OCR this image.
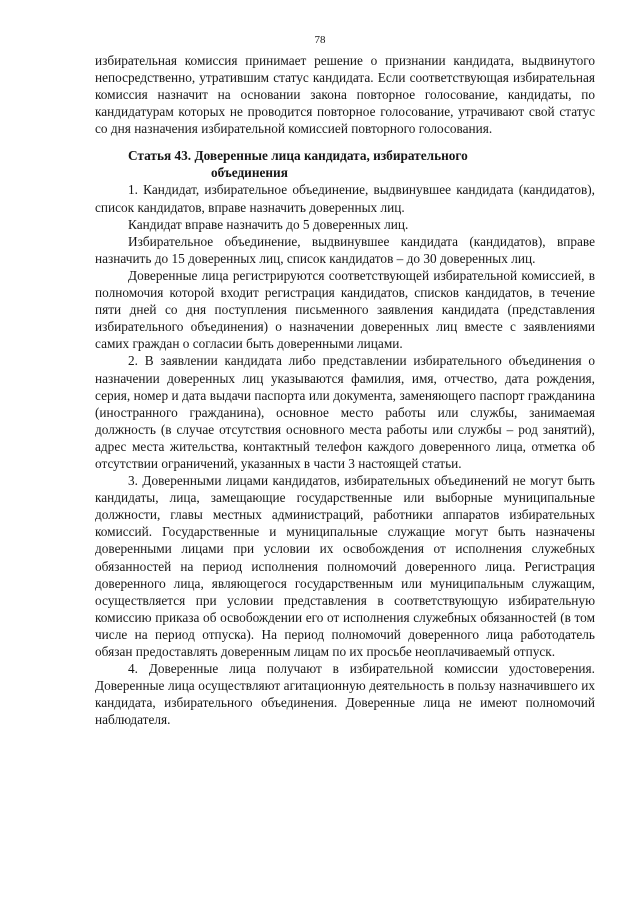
78

избирательная комиссия принимает решение о признании кандидата, выдвинутого непосредственно, утратившим статус кандидата. Если соответствующая избирательная комиссия назначит на основании закона повторное голосование, кандидаты, по кандидатурам которых не проводится повторное голосование, утрачивают свой статус со дня назначения избирательной комиссией повторного голосования.

Статья 43. Доверенные лица кандидата, избирательного
объединения

1. Кандидат, избирательное объединение, выдвинувшее кандидата (кандидатов), список кандидатов, вправе назначить доверенных лиц.

Кандидат вправе назначить до 5 доверенных лиц.

Избирательное объединение, выдвинувшее кандидата (кандидатов), вправе назначить до 15 доверенных лиц, список кандидатов – до 30 доверенных лиц.

Доверенные лица регистрируются соответствующей избирательной комиссией, в полномочия которой входит регистрация кандидатов, списков кандидатов, в течение пяти дней со дня поступления письменного заявления кандидата (представления избирательного объединения) о назначении доверенных лиц вместе с заявлениями самих граждан о согласии быть доверенными лицами.

2. В заявлении кандидата либо представлении избирательного объединения о назначении доверенных лиц указываются фамилия, имя, отчество, дата рождения, серия, номер и дата выдачи паспорта или документа, заменяющего паспорт гражданина (иностранного гражданина), основное место работы или службы, занимаемая должность (в случае отсутствия основного места работы или службы – род занятий), адрес места жительства, контактный телефон каждого доверенного лица, отметка об отсутствии ограничений, указанных в части 3 настоящей статьи.

3. Доверенными лицами кандидатов, избирательных объединений не могут быть кандидаты, лица, замещающие государственные или выборные муниципальные должности, главы местных администраций, работники аппаратов избирательных комиссий. Государственные и муниципальные служащие могут быть назначены доверенными лицами при условии их освобождения от исполнения служебных обязанностей на период исполнения полномочий доверенного лица. Регистрация доверенного лица, являющегося государственным или муниципальным служащим, осуществляется при условии представления в соответствующую избирательную комиссию приказа об освобождении его от исполнения служебных обязанностей (в том числе на период отпуска). На период полномочий доверенного лица работодатель обязан предоставлять доверенным лицам по их просьбе неоплачиваемый отпуск.

4. Доверенные лица получают в избирательной комиссии удостоверения. Доверенные лица осуществляют агитационную деятельность в пользу назначившего их кандидата, избирательного объединения. Доверенные лица не имеют полномочий наблюдателя.
